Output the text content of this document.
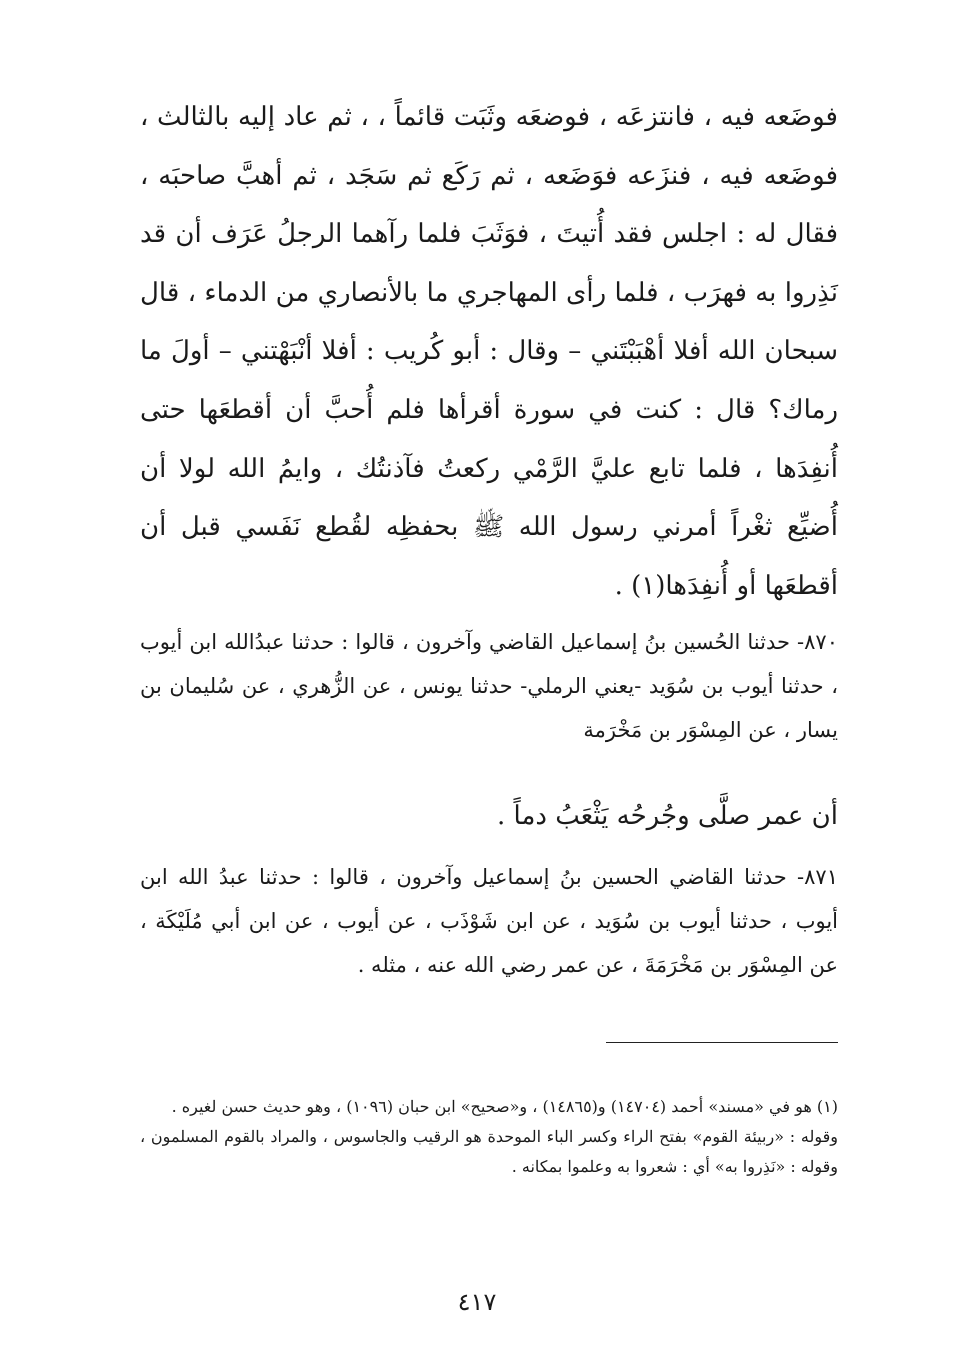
فوضَعه فيه ، فانتزعَه ، فوضعَه وثَبَت قائماً ، ، ثم عاد إليه بالثالث ، فوضَعه فيه ، فنزَعه فوَضَعه ، ثم رَكَع ثم سَجَد ، ثم أهبَّ صاحبَه ، فقال له : اجلس فقد أُتيتَ ، فوَثَبَ فلما رآهما الرجلُ عَرَف أن قد نَذِروا به فهرَب ، فلما رأى المهاجري ما بالأنصاري من الدماء ، قال سبحان الله أفلا أهْبَبْتَني – وقال : أبو كُريب : أفلا أنْبَهْتني – أولَ ما رماك؟ قال : كنت في سورة أقرأها فلم أُحبَّ أن أقطعَها حتى أُنفِدَها ، فلما تابع عليَّ الرَّمْي ركعتُ فآذنتُك ، وايمُ الله لولا أن أُضيِّع ثغْراً أمرني رسول الله ﷺ بحفظِه لقُطع نَفَسي قبل أن أقطعَها أو أُنفِدَها(١) .

٨٧٠- حدثنا الحُسين بنُ إسماعيل القاضي وآخرون ، قالوا : حدثنا عبدُالله ابن أيوب ، حدثنا أيوب بن سُوَيد -يعني الرملي- حدثنا يونس ، عن الزُّهري ، عن سُليمان بن يسار ، عن المِسْوَر بن مَخْرَمة

أن عمر صلَّى وجُرحُه يَثْعَبُ دماً .

٨٧١- حدثنا القاضي الحسين بنُ إسماعيل وآخرون ، قالوا : حدثنا عبدُ الله ابن أيوب ، حدثنا أيوب بن سُوَيد ، عن ابن شَوْذَب ، عن أيوب ، عن ابن أبي مُلَيْكَة ، عن المِسْوَر بن مَخْرَمَةَ ، عن عمر رضي الله عنه ، مثله .

(١) هو في «مسند» أحمد (١٤٧٠٤) و(١٤٨٦٥) ، و«صحيح» ابن حبان (١٠٩٦) ، وهو حديث حسن لغيره .

وقوله : «ربيئة القوم» بفتح الراء وكسر الباء الموحدة هو الرقيب والجاسوس ، والمراد بالقوم المسلمون ، وقوله : «نَذِروا به» أي : شعروا به وعلموا بمكانه .

٤١٧
